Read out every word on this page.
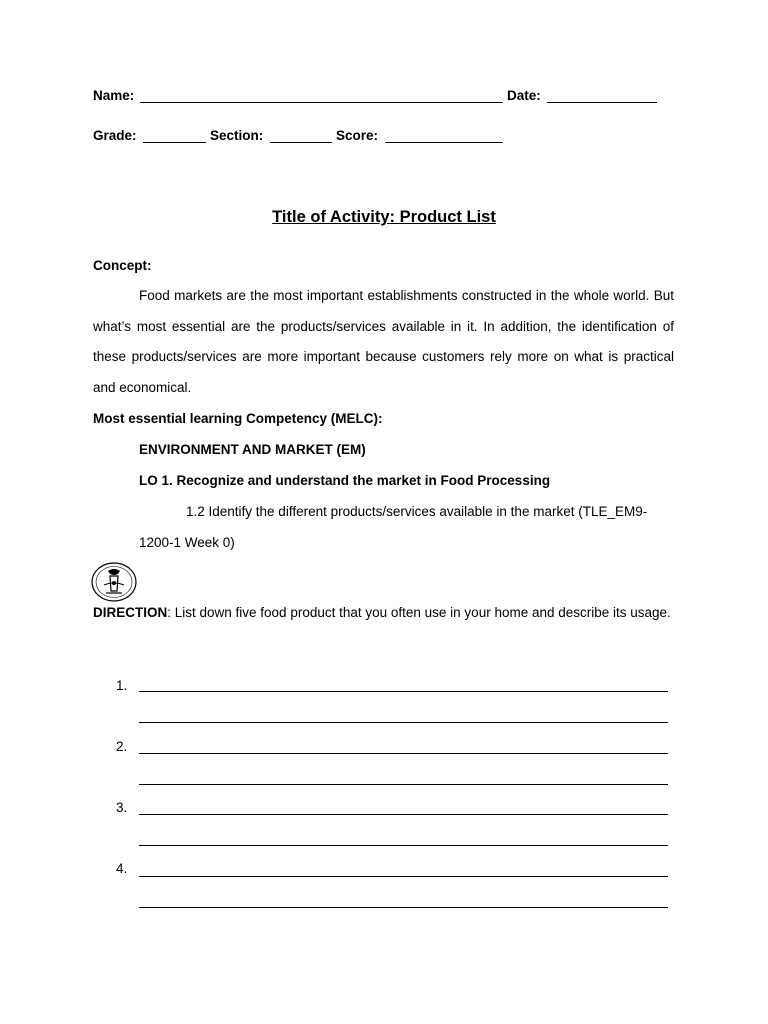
Name:	Date:
Grade:	Section:	Score:
Title of Activity: Product List
Concept:
Food markets are the most important establishments constructed in the whole world. But what’s most essential are the products/services available in it. In addition, the identification of these products/services are more important because customers rely more on what is practical and economical.
Most essential learning Competency (MELC):
ENVIRONMENT AND MARKET (EM)
LO 1. Recognize and understand the market in Food Processing
1.2 Identify the different products/services available in the market (TLE_EM9-
1200-1 Week 0)
DIRECTION: List down five food product that you often use in your home and describe its usage.
1.
2.
3.
4.
